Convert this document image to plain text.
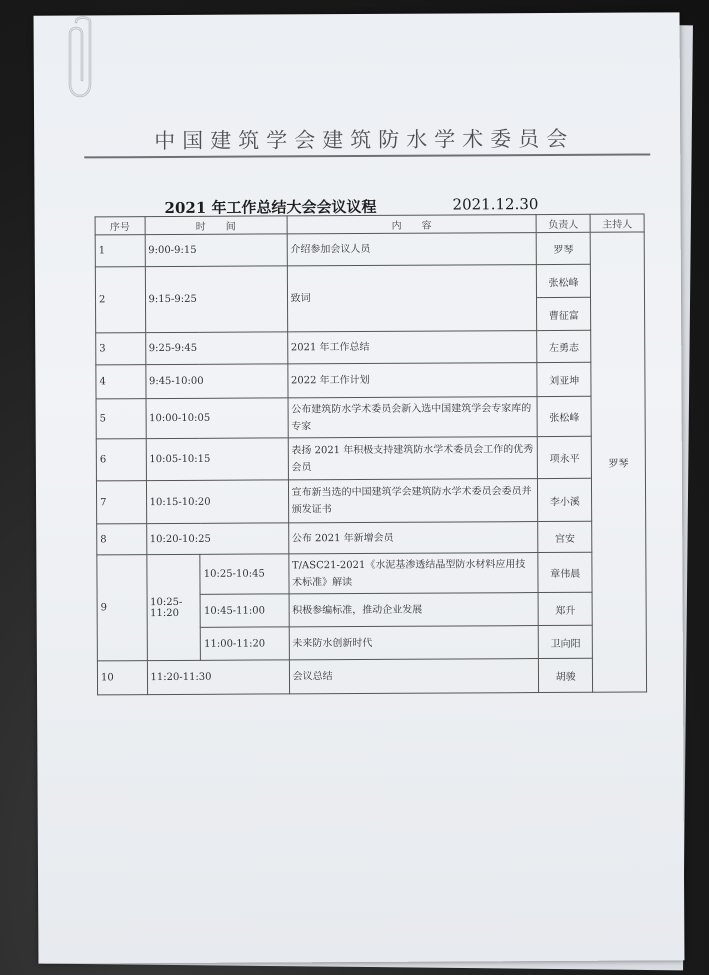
中国建筑学会建筑防水学术委员会
2021 年工作总结大会会议议程	2021.12.30
序号	时　　间		内　　容	负责人	主持人
1	9:00-9:15		介绍参加会议人员	罗琴	罗琴
2	9:15-9:25		致词	张松峰	
				曹征富	
3	9:25-9:45		2021 年工作总结	左勇志	
4	9:45-10:00		2022 年工作计划	刘亚坤	
5	10:00-10:05		公布建筑防水学术委员会新入选中国建筑学会专家库的专家	张松峰	
6	10:05-10:15		表扬 2021 年积极支持建筑防水学术委员会工作的优秀会员	项永平	
7	10:15-10:20		宣布新当选的中国建筑学会建筑防水学术委员会委员并颁发证书	李小溪	
8	10:20-10:25		公布 2021 年新增会员	宫安	
9	10:25-11:20	10:25-10:45	T/ASC21-2021《水泥基渗透结晶型防水材料应用技术标准》解读	章伟晨	
		10:45-11:00	积极参编标准，推动企业发展	郑升	
		11:00-11:20	未来防水创新时代	卫向阳	
10	11:20-11:30		会议总结	胡骏	
